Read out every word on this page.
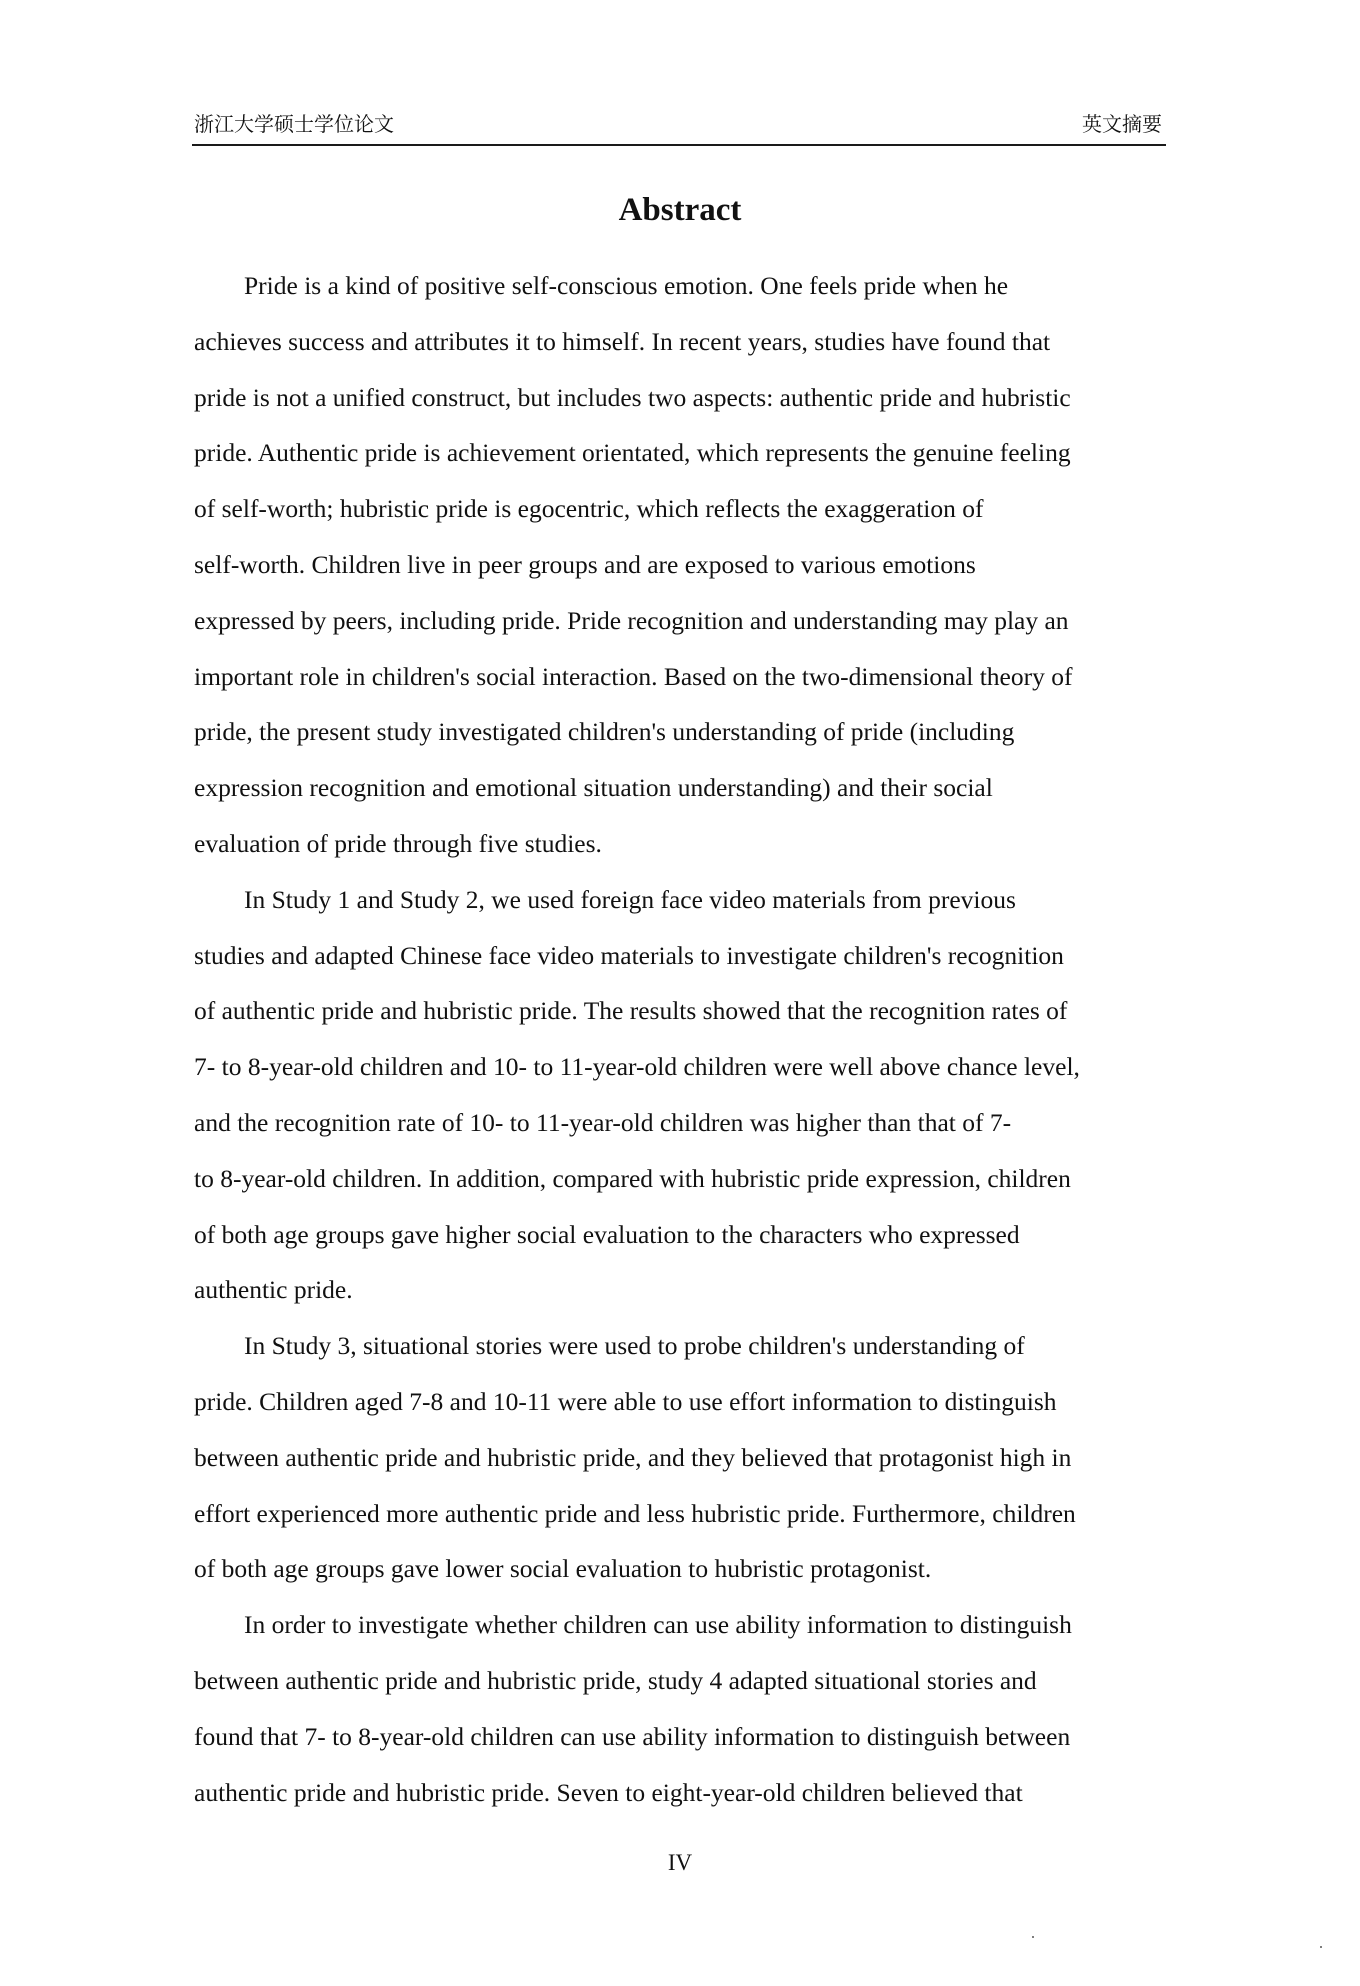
浙江大学硕士学位论文	英文摘要
Abstract

Pride is a kind of positive self-conscious emotion. One feels pride when he
achieves success and attributes it to himself. In recent years, studies have found that
pride is not a unified construct, but includes two aspects: authentic pride and hubristic
pride. Authentic pride is achievement orientated, which represents the genuine feeling
of self-worth; hubristic pride is egocentric, which reflects the exaggeration of
self-worth. Children live in peer groups and are exposed to various emotions
expressed by peers, including pride. Pride recognition and understanding may play an
important role in children's social interaction. Based on the two-dimensional theory of
pride, the present study investigated children's understanding of pride (including
expression recognition and emotional situation understanding) and their social
evaluation of pride through five studies.

In Study 1 and Study 2, we used foreign face video materials from previous
studies and adapted Chinese face video materials to investigate children's recognition
of authentic pride and hubristic pride. The results showed that the recognition rates of
7- to 8-year-old children and 10- to 11-year-old children were well above chance level,
and the recognition rate of 10- to 11-year-old children was higher than that of 7-
to 8-year-old children. In addition, compared with hubristic pride expression, children
of both age groups gave higher social evaluation to the characters who expressed
authentic pride.

In Study 3, situational stories were used to probe children's understanding of
pride. Children aged 7-8 and 10-11 were able to use effort information to distinguish
between authentic pride and hubristic pride, and they believed that protagonist high in
effort experienced more authentic pride and less hubristic pride. Furthermore, children
of both age groups gave lower social evaluation to hubristic protagonist.

In order to investigate whether children can use ability information to distinguish
between authentic pride and hubristic pride, study 4 adapted situational stories and
found that 7- to 8-year-old children can use ability information to distinguish between
authentic pride and hubristic pride. Seven to eight-year-old children believed that

IV
